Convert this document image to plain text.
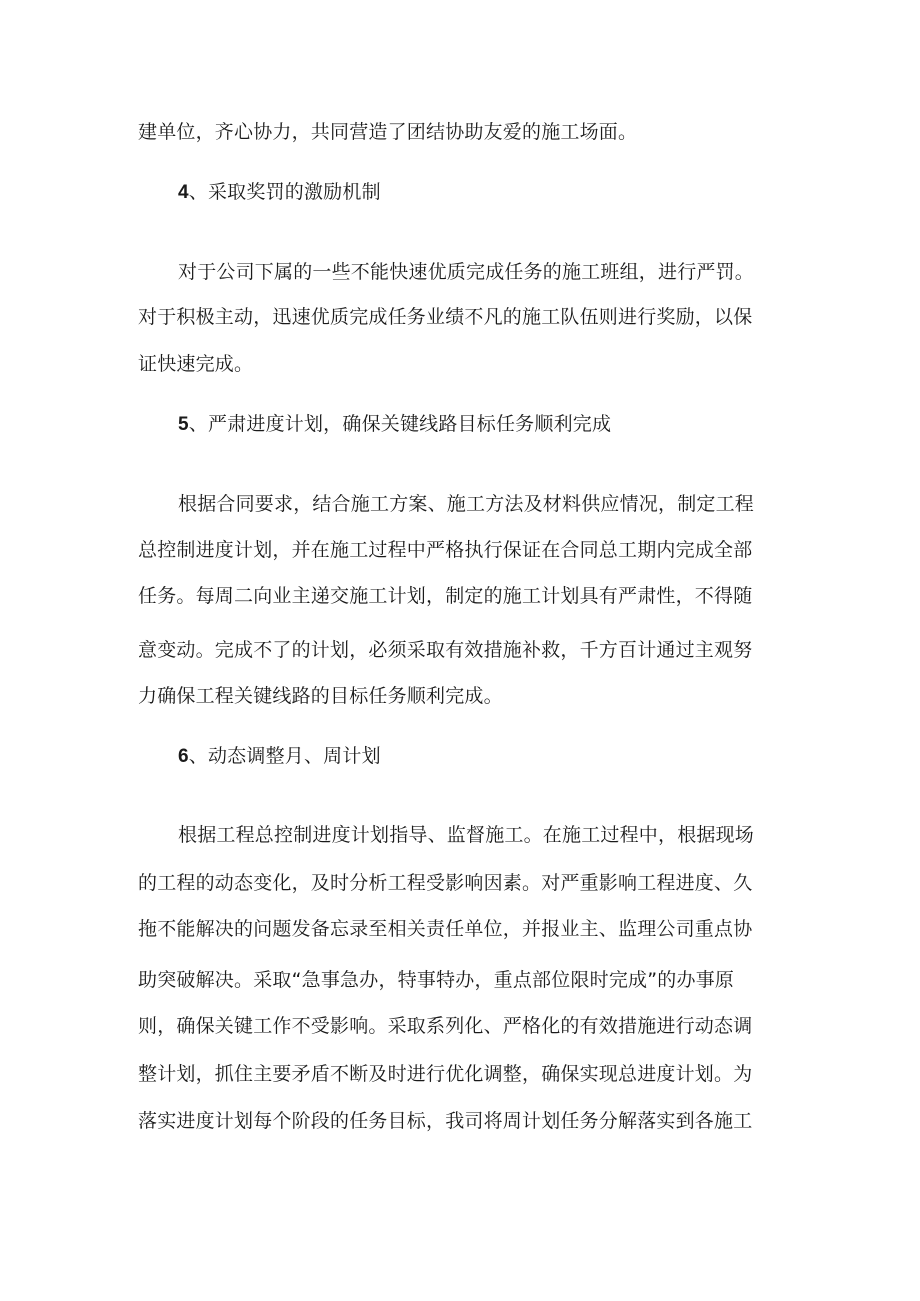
建单位，齐心协力，共同营造了团结协助友爱的施工场面。
4、采取奖罚的激励机制
对于公司下属的一些不能快速优质完成任务的施工班组，进行严罚。
对于积极主动，迅速优质完成任务业绩不凡的施工队伍则进行奖励，以保
证快速完成。
5、严肃进度计划，确保关键线路目标任务顺利完成
根据合同要求，结合施工方案、施工方法及材料供应情况，制定工程
总控制进度计划，并在施工过程中严格执行保证在合同总工期内完成全部
任务。每周二向业主递交施工计划，制定的施工计划具有严肃性，不得随
意变动。完成不了的计划，必须采取有效措施补救，千方百计通过主观努
力确保工程关键线路的目标任务顺利完成。
6、动态调整月、周计划
根据工程总控制进度计划指导、监督施工。在施工过程中，根据现场
的工程的动态变化，及时分析工程受影响因素。对严重影响工程进度、久
拖不能解决的问题发备忘录至相关责任单位，并报业主、监理公司重点协
助突破解决。采取“急事急办，特事特办，重点部位限时完成”的办事原
则，确保关键工作不受影响。采取系列化、严格化的有效措施进行动态调
整计划，抓住主要矛盾不断及时进行优化调整，确保实现总进度计划。为
落实进度计划每个阶段的任务目标，我司将周计划任务分解落实到各施工
